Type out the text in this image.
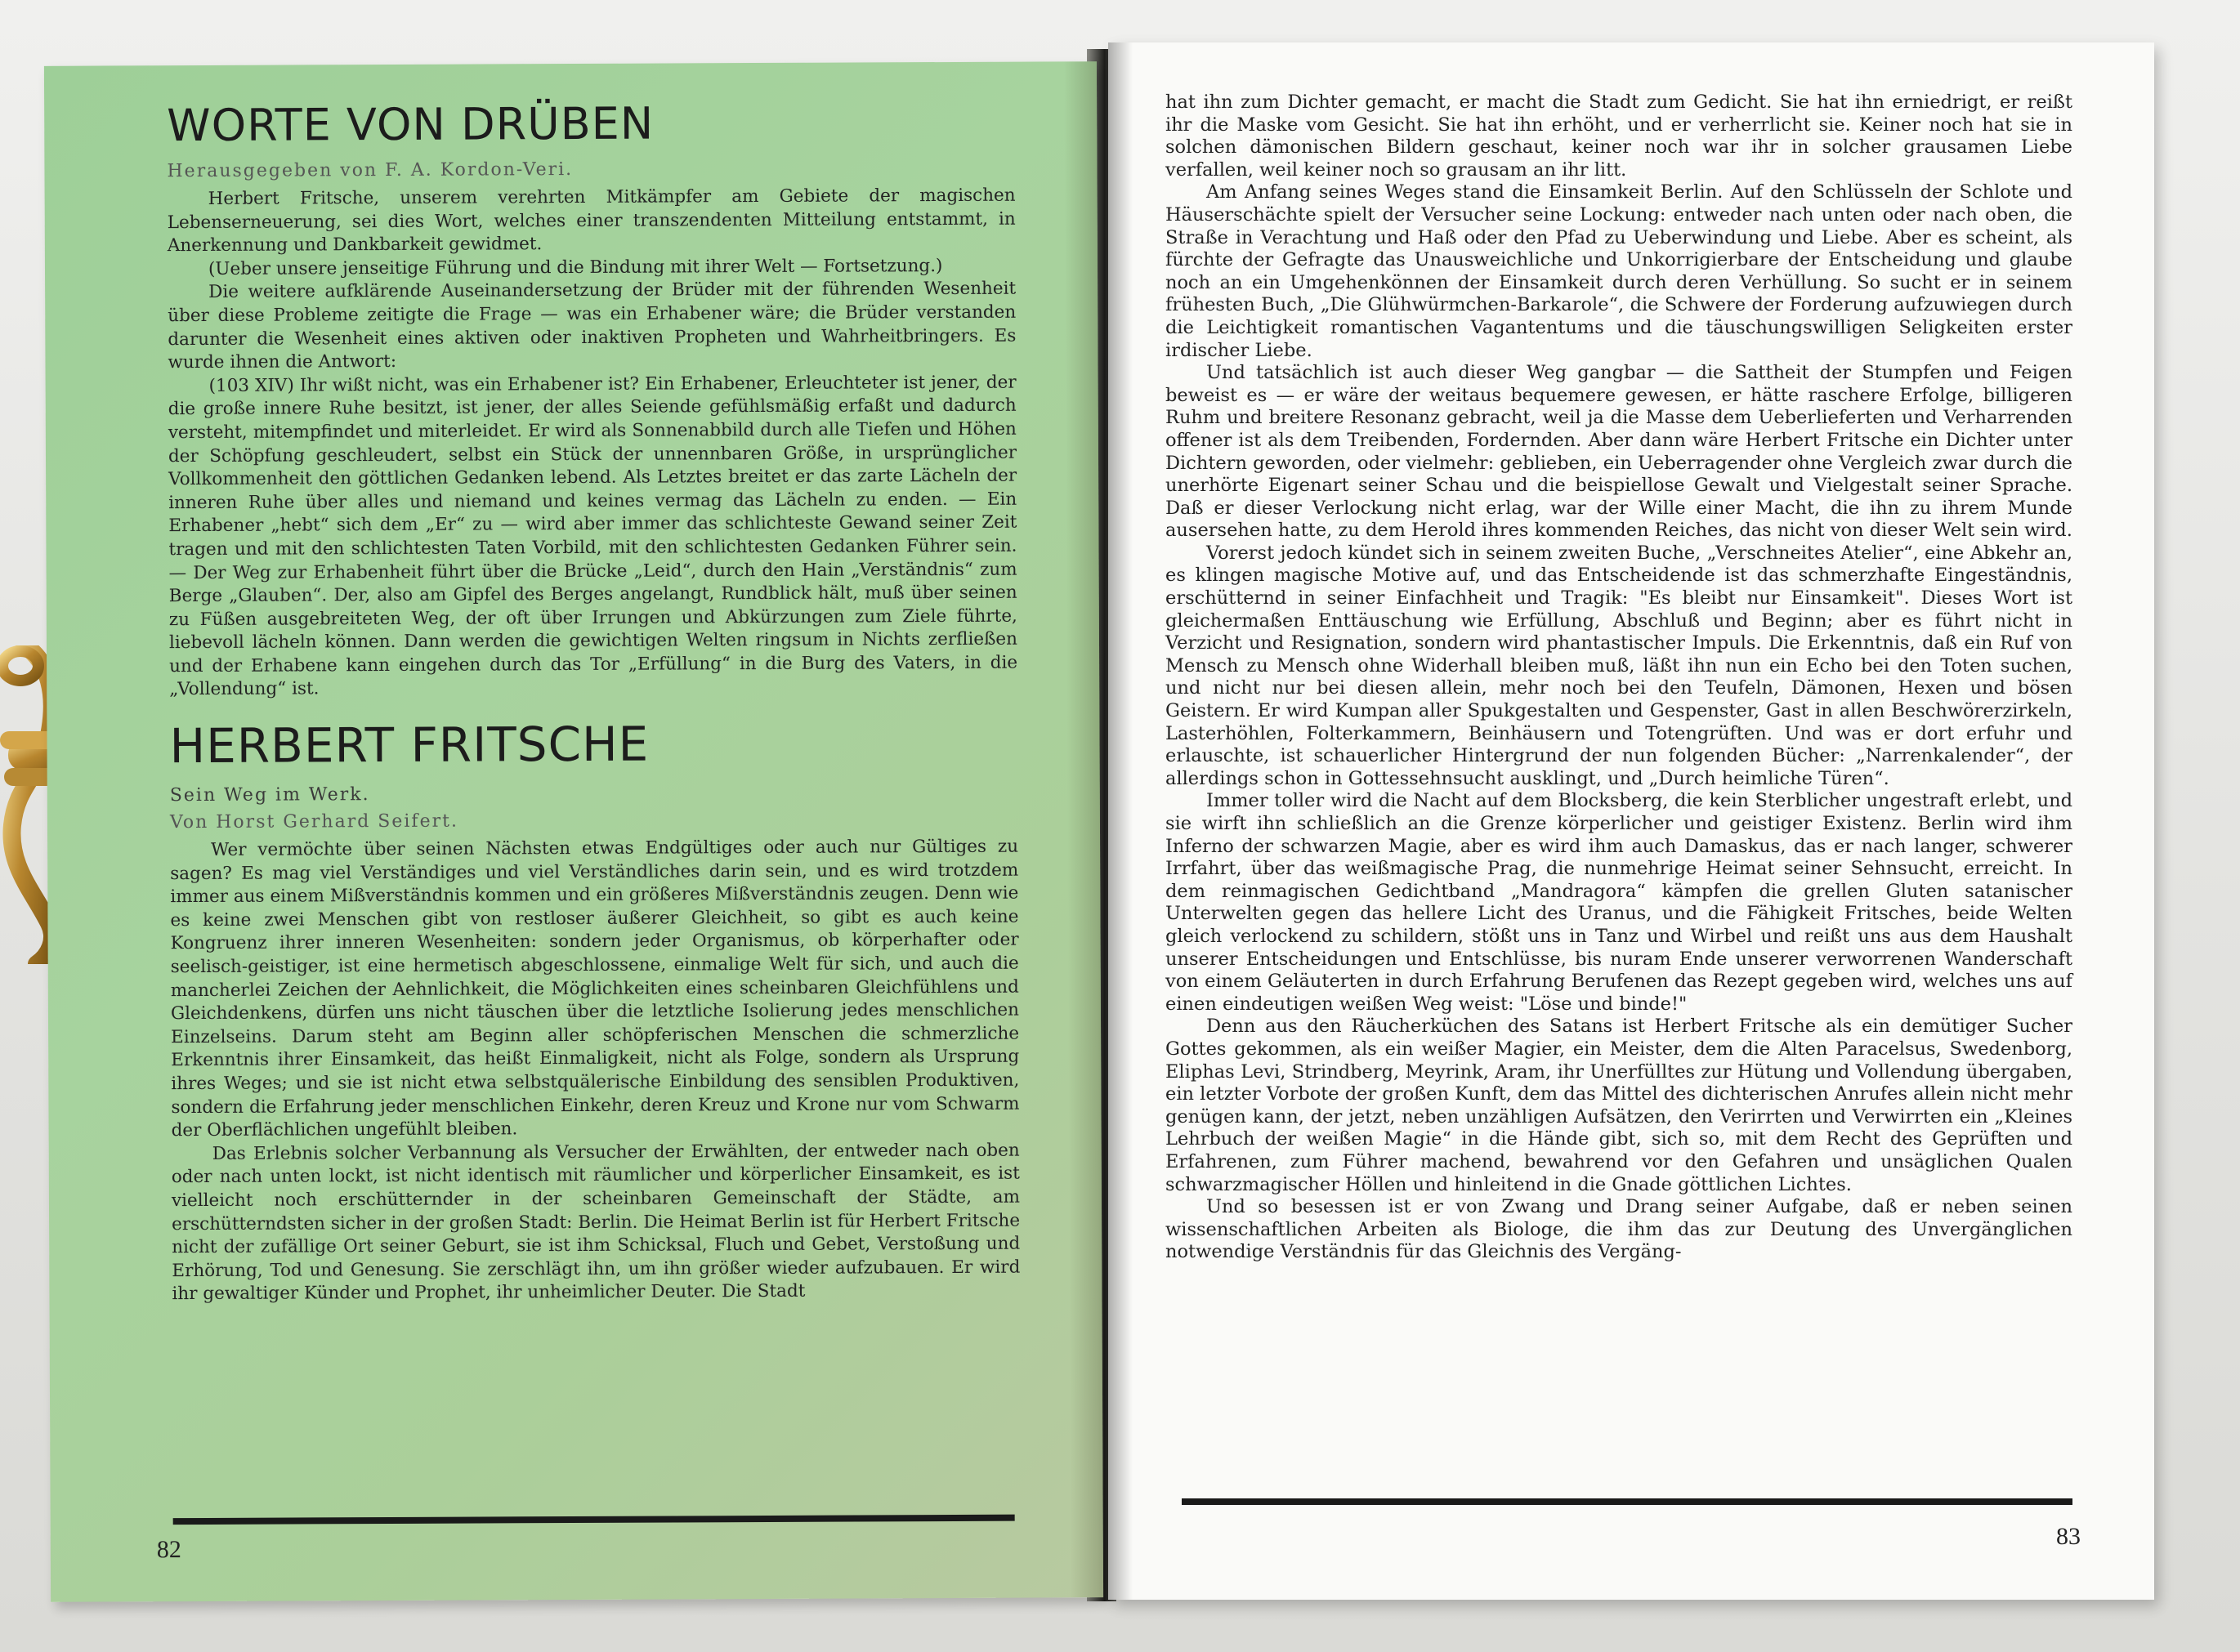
WORTE VON DRÜBEN
Herausgegeben von F. A. Kordon-Veri.

Herbert Fritsche, unserem verehrten Mitkämpfer am Gebiete der magischen Lebenserneuerung, sei dies Wort, welches einer transzendenten Mitteilung entstammt, in Anerkennung und Dankbarkeit gewidmet.

(Ueber unsere jenseitige Führung und die Bindung mit ihrer Welt — Fortsetzung.)

Die weitere aufklärende Auseinandersetzung der Brüder mit der führenden Wesenheit über diese Probleme zeitigte die Frage — was ein Erhabener wäre; die Brüder verstanden darunter die Wesenheit eines aktiven oder inaktiven Propheten und Wahrheitbringers. Es wurde ihnen die Antwort:

(103 XIV) Ihr wißt nicht, was ein Erhabener ist? Ein Erhabener, Erleuchteter ist jener, der die große innere Ruhe besitzt, ist jener, der alles Seiende gefühlsmäßig erfaßt und dadurch versteht, mitempfindet und miterleidet. Er wird als Sonnenabbild durch alle Tiefen und Höhen der Schöpfung geschleudert, selbst ein Stück der unnennbaren Größe, in ursprünglicher Vollkommenheit den göttlichen Gedanken lebend. Als Letztes breitet er das zarte Lächeln der inneren Ruhe über alles und niemand und keines vermag das Lächeln zu enden. — Ein Erhabener „hebt“ sich dem „Er“ zu — wird aber immer das schlichteste Gewand seiner Zeit tragen und mit den schlichtesten Taten Vorbild, mit den schlichtesten Gedanken Führer sein. — Der Weg zur Erhabenheit führt über die Brücke „Leid“, durch den Hain „Verständnis“ zum Berge „Glauben“. Der, also am Gipfel des Berges angelangt, Rundblick hält, muß über seinen zu Füßen ausgebreiteten Weg, der oft über Irrungen und Abkürzungen zum Ziele führte, liebevoll lächeln können. Dann werden die gewichtigen Welten ringsum in Nichts zerfließen und der Erhabene kann eingehen durch das Tor „Erfüllung“ in die Burg des Vaters, in die „Vollendung“ ist.

HERBERT FRITSCHE
Sein Weg im Werk.
Von Horst Gerhard Seifert.

Wer vermöchte über seinen Nächsten etwas Endgültiges oder auch nur Gültiges zu sagen? Es mag viel Verständiges und viel Verständliches darin sein, und es wird trotzdem immer aus einem Mißverständnis kommen und ein größeres Mißverständnis zeugen. Denn wie es keine zwei Menschen gibt von restloser äußerer Gleichheit, so gibt es auch keine Kongruenz ihrer inneren Wesenheiten: sondern jeder Organismus, ob körperhafter oder seelisch-geistiger, ist eine hermetisch abgeschlossene, einmalige Welt für sich, und auch die mancherlei Zeichen der Aehnlichkeit, die Möglichkeiten eines scheinbaren Gleichfühlens und Gleichdenkens, dürfen uns nicht täuschen über die letztliche Isolierung jedes menschlichen Einzelseins. Darum steht am Beginn aller schöpferischen Menschen die schmerzliche Erkenntnis ihrer Einsamkeit, das heißt Einmaligkeit, nicht als Folge, sondern als Ursprung ihres Weges; und sie ist nicht etwa selbstquälerische Einbildung des sensiblen Produktiven, sondern die Erfahrung jeder menschlichen Einkehr, deren Kreuz und Krone nur vom Schwarm der Oberflächlichen ungefühlt bleiben.

Das Erlebnis solcher Verbannung als Versucher der Erwählten, der entweder nach oben oder nach unten lockt, ist nicht identisch mit räumlicher und körperlicher Einsamkeit, es ist vielleicht noch erschütternder in der scheinbaren Gemeinschaft der Städte, am erschütterndsten sicher in der großen Stadt: Berlin. Die Heimat Berlin ist für Herbert Fritsche nicht der zufällige Ort seiner Geburt, sie ist ihm Schicksal, Fluch und Gebet, Verstoßung und Erhörung, Tod und Genesung. Sie zerschlägt ihn, um ihn größer wieder aufzubauen. Er wird ihr gewaltiger Künder und Prophet, ihr unheimlicher Deuter. Die Stadt

82

hat ihn zum Dichter gemacht, er macht die Stadt zum Gedicht. Sie hat ihn erniedrigt, er reißt ihr die Maske vom Gesicht. Sie hat ihn erhöht, und er verherrlicht sie. Keiner noch hat sie in solchen dämonischen Bildern geschaut, keiner noch war ihr in solcher grausamen Liebe verfallen, weil keiner noch so grausam an ihr litt.

Am Anfang seines Weges stand die Einsamkeit Berlin. Auf den Schlüsseln der Schlote und Häuserschächte spielt der Versucher seine Lockung: entweder nach unten oder nach oben, die Straße in Verachtung und Haß oder den Pfad zu Ueberwindung und Liebe. Aber es scheint, als fürchte der Gefragte das Unausweichliche und Unkorrigierbare der Entscheidung und glaube noch an ein Umgehenkönnen der Einsamkeit durch deren Verhüllung. So sucht er in seinem frühesten Buch, „Die Glühwürmchen-Barkarole“, die Schwere der Forderung aufzuwiegen durch die Leichtigkeit romantischen Vagantentums und die täuschungswilligen Seligkeiten erster irdischer Liebe.

Und tatsächlich ist auch dieser Weg gangbar — die Sattheit der Stumpfen und Feigen beweist es — er wäre der weitaus bequemere gewesen, er hätte raschere Erfolge, billigeren Ruhm und breitere Resonanz gebracht, weil ja die Masse dem Ueberlieferten und Verharrenden offener ist als dem Treibenden, Fordernden. Aber dann wäre Herbert Fritsche ein Dichter unter Dichtern geworden, oder vielmehr: geblieben, ein Ueberragender ohne Vergleich zwar durch die unerhörte Eigenart seiner Schau und die beispiellose Gewalt und Vielgestalt seiner Sprache. Daß er dieser Verlockung nicht erlag, war der Wille einer Macht, die ihn zu ihrem Munde ausersehen hatte, zu dem Herold ihres kommenden Reiches, das nicht von dieser Welt sein wird.

Vorerst jedoch kündet sich in seinem zweiten Buche, „Verschneites Atelier“, eine Abkehr an, es klingen magische Motive auf, und das Entscheidende ist das schmerzhafte Eingeständnis, erschütternd in seiner Einfachheit und Tragik: "Es bleibt nur Einsamkeit". Dieses Wort ist gleichermaßen Enttäuschung wie Erfüllung, Abschluß und Beginn; aber es führt nicht in Verzicht und Resignation, sondern wird phantastischer Impuls. Die Erkenntnis, daß ein Ruf von Mensch zu Mensch ohne Widerhall bleiben muß, läßt ihn nun ein Echo bei den Toten suchen, und nicht nur bei diesen allein, mehr noch bei den Teufeln, Dämonen, Hexen und bösen Geistern. Er wird Kumpan aller Spukgestalten und Gespenster, Gast in allen Beschwörerzirkeln, Lasterhöhlen, Folterkammern, Beinhäusern und Totengrüften. Und was er dort erfuhr und erlauschte, ist schauerlicher Hintergrund der nun folgenden Bücher: „Narrenkalender“, der allerdings schon in Gottessehnsucht ausklingt, und „Durch heimliche Türen“.

Immer toller wird die Nacht auf dem Blocksberg, die kein Sterblicher ungestraft erlebt, und sie wirft ihn schließlich an die Grenze körperlicher und geistiger Existenz. Berlin wird ihm Inferno der schwarzen Magie, aber es wird ihm auch Damaskus, das er nach langer, schwerer Irrfahrt, über das weißmagische Prag, die nunmehrige Heimat seiner Sehnsucht, erreicht. In dem reinmagischen Gedichtband „Mandragora“ kämpfen die grellen Gluten satanischer Unterwelten gegen das hellere Licht des Uranus, und die Fähigkeit Fritsches, beide Welten gleich verlockend zu schildern, stößt uns in Tanz und Wirbel und reißt uns aus dem Haushalt unserer Entscheidungen und Entschlüsse, bis nuram Ende unserer verworrenen Wanderschaft von einem Geläuterten in durch Erfahrung Berufenen das Rezept gegeben wird, welches uns auf einen eindeutigen weißen Weg weist: "Löse und binde!"

Denn aus den Räucherküchen des Satans ist Herbert Fritsche als ein demütiger Sucher Gottes gekommen, als ein weißer Magier, ein Meister, dem die Alten Paracelsus, Swedenborg, Eliphas Levi, Strindberg, Meyrink, Aram, ihr Unerfülltes zur Hütung und Vollendung übergaben, ein letzter Vorbote der großen Kunft, dem das Mittel des dichterischen Anrufes allein nicht mehr genügen kann, der jetzt, neben unzähligen Aufsätzen, den Verirrten und Verwirrten ein „Kleines Lehrbuch der weißen Magie“ in die Hände gibt, sich so, mit dem Recht des Geprüften und Erfahrenen, zum Führer machend, bewahrend vor den Gefahren und unsäglichen Qualen schwarzmagischer Höllen und hinleitend in die Gnade göttlichen Lichtes.

Und so besessen ist er von Zwang und Drang seiner Aufgabe, daß er neben seinen wissenschaftlichen Arbeiten als Biologe, die ihm das zur Deutung des Unvergänglichen notwendige Verständnis für das Gleichnis des Vergäng-

83
